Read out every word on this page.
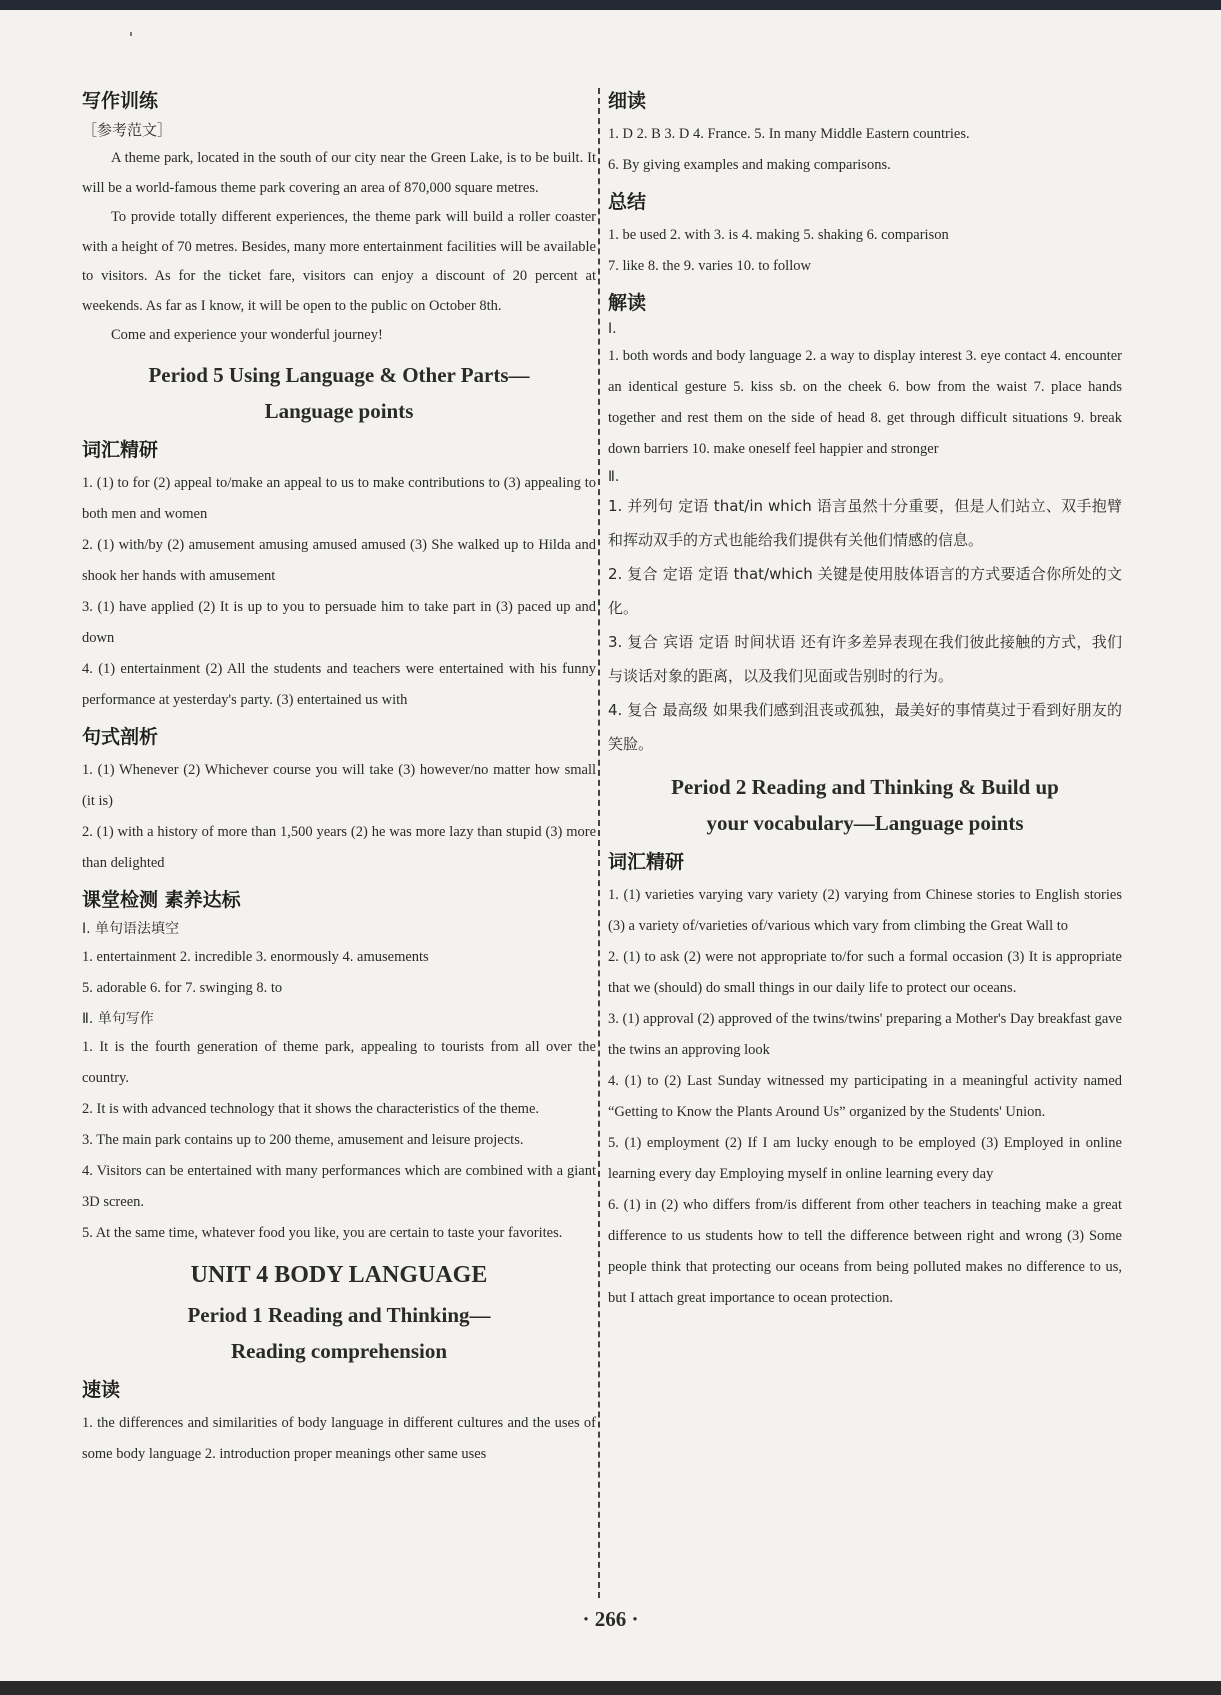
写作训练
［参考范文］

A theme park, located in the south of our city near the Green Lake, is to be built. It will be a world-famous theme park covering an area of 870,000 square metres.

To provide totally different experiences, the theme park will build a roller coaster with a height of 70 metres. Besides, many more entertainment facilities will be available to visitors. As for the ticket fare, visitors can enjoy a discount of 20 percent at weekends. As far as I know, it will be open to the public on October 8th.

Come and experience your wonderful journey!

Period 5 Using Language & Other Parts—
Language points
词汇精研
1. (1) to for (2) appeal to/make an appeal to us to make contributions to (3) appealing to both men and women
2. (1) with/by (2) amusement amusing amused amused (3) She walked up to Hilda and shook her hands with amusement
3. (1) have applied (2) It is up to you to persuade him to take part in (3) paced up and down
4. (1) entertainment (2) All the students and teachers were entertained with his funny performance at yesterday's party. (3) entertained us with
句式剖析
1. (1) Whenever (2) Whichever course you will take (3) however/no matter how small (it is)
2. (1) with a history of more than 1,500 years (2) he was more lazy than stupid (3) more than delighted
课堂检测 素养达标
Ⅰ. 单句语法填空
1. entertainment 2. incredible 3. enormously 4. amusements
5. adorable 6. for 7. swinging 8. to
Ⅱ. 单句写作
1. It is the fourth generation of theme park, appealing to tourists from all over the country.
2. It is with advanced technology that it shows the characteristics of the theme.
3. The main park contains up to 200 theme, amusement and leisure projects.
4. Visitors can be entertained with many performances which are combined with a giant 3D screen.
5. At the same time, whatever food you like, you are certain to taste your favorites.
UNIT 4 BODY LANGUAGE
Period 1 Reading and Thinking—
Reading comprehension
速读
1. the differences and similarities of body language in different cultures and the uses of some body language 2. introduction proper meanings other same uses
细读
1. D 2. B 3. D 4. France. 5. In many Middle Eastern countries.
6. By giving examples and making comparisons.
总结
1. be used 2. with 3. is 4. making 5. shaking 6. comparison
7. like 8. the 9. varies 10. to follow
解读
Ⅰ.
1. both words and body language 2. a way to display interest 3. eye contact 4. encounter an identical gesture 5. kiss sb. on the cheek 6. bow from the waist 7. place hands together and rest them on the side of head 8. get through difficult situations 9. break down barriers 10. make oneself feel happier and stronger
Ⅱ.
1. 并列句 定语 that/in which 语言虽然十分重要，但是人们站立、双手抱臂和挥动双手的方式也能给我们提供有关他们情感的信息。
2. 复合 定语 定语 that/which 关键是使用肢体语言的方式要适合你所处的文化。
3. 复合 宾语 定语 时间状语 还有许多差异表现在我们彼此接触的方式，我们与谈话对象的距离，以及我们见面或告别时的行为。
4. 复合 最高级 如果我们感到沮丧或孤独，最美好的事情莫过于看到好朋友的笑脸。
Period 2 Reading and Thinking & Build up
your vocabulary—Language points
词汇精研
1. (1) varieties varying vary variety (2) varying from Chinese stories to English stories (3) a variety of/varieties of/various which vary from climbing the Great Wall to
2. (1) to ask (2) were not appropriate to/for such a formal occasion (3) It is appropriate that we (should) do small things in our daily life to protect our oceans.
3. (1) approval (2) approved of the twins/twins' preparing a Mother's Day breakfast gave the twins an approving look
4. (1) to (2) Last Sunday witnessed my participating in a meaningful activity named “Getting to Know the Plants Around Us” organized by the Students' Union.
5. (1) employment (2) If I am lucky enough to be employed (3) Employed in online learning every day Employing myself in online learning every day
6. (1) in (2) who differs from/is different from other teachers in teaching make a great difference to us students how to tell the difference between right and wrong (3) Some people think that protecting our oceans from being polluted makes no difference to us, but I attach great importance to ocean protection.
· 266 ·
